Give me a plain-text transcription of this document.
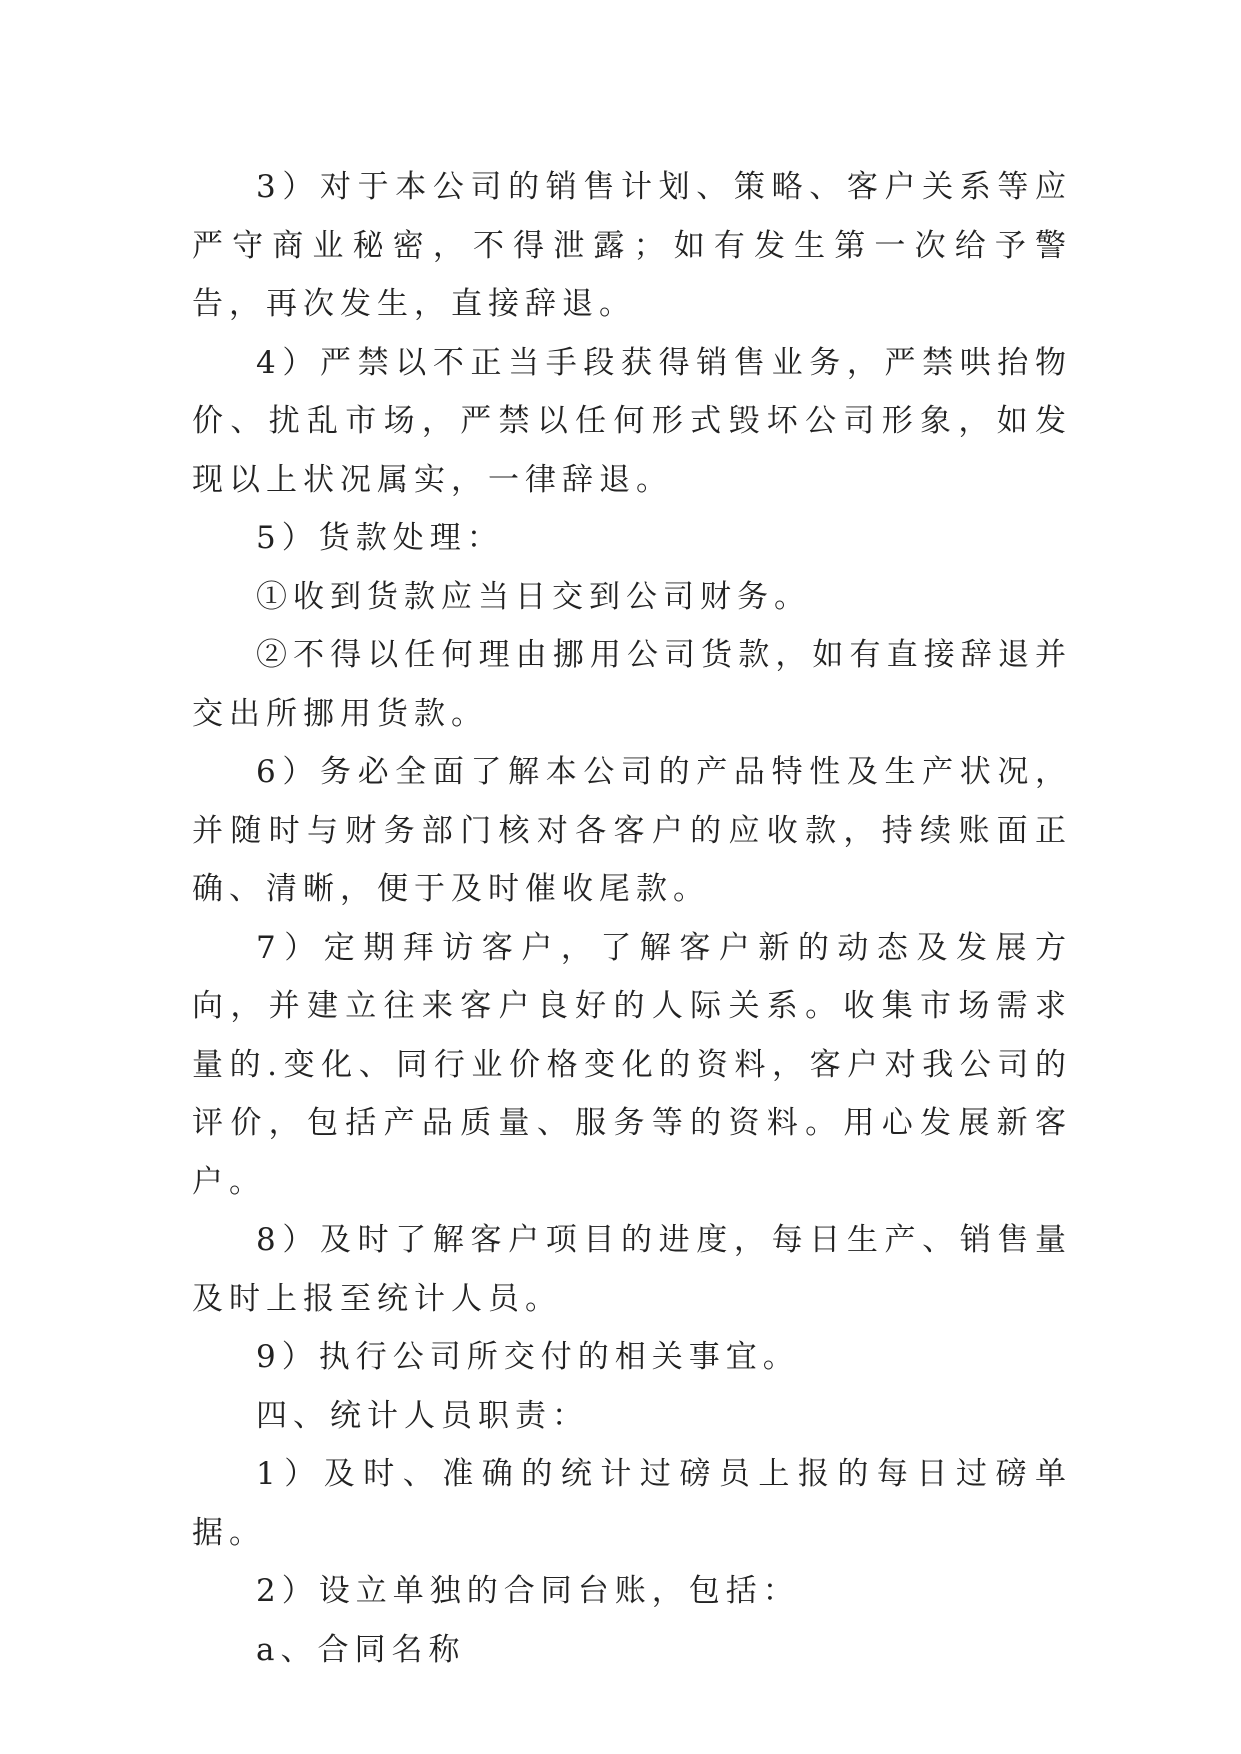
3）对于本公司的销售计划、策略、客户关系等应严守商业秘密，不得泄露；如有发生第一次给予警告，再次发生，直接辞退。

4）严禁以不正当手段获得销售业务，严禁哄抬物价、扰乱市场，严禁以任何形式毁坏公司形象，如发现以上状况属实，一律辞退。

5）货款处理：

①收到货款应当日交到公司财务。

②不得以任何理由挪用公司货款，如有直接辞退并交出所挪用货款。

6）务必全面了解本公司的产品特性及生产状况，并随时与财务部门核对各客户的应收款，持续账面正确、清晰，便于及时催收尾款。

7）定期拜访客户，了解客户新的动态及发展方向，并建立往来客户良好的人际关系。收集市场需求量的.变化、同行业价格变化的资料，客户对我公司的评价，包括产品质量、服务等的资料。用心发展新客户。

8）及时了解客户项目的进度，每日生产、销售量及时上报至统计人员。

9）执行公司所交付的相关事宜。

四、统计人员职责：

1）及时、准确的统计过磅员上报的每日过磅单据。

2）设立单独的合同台账，包括：

a、合同名称
